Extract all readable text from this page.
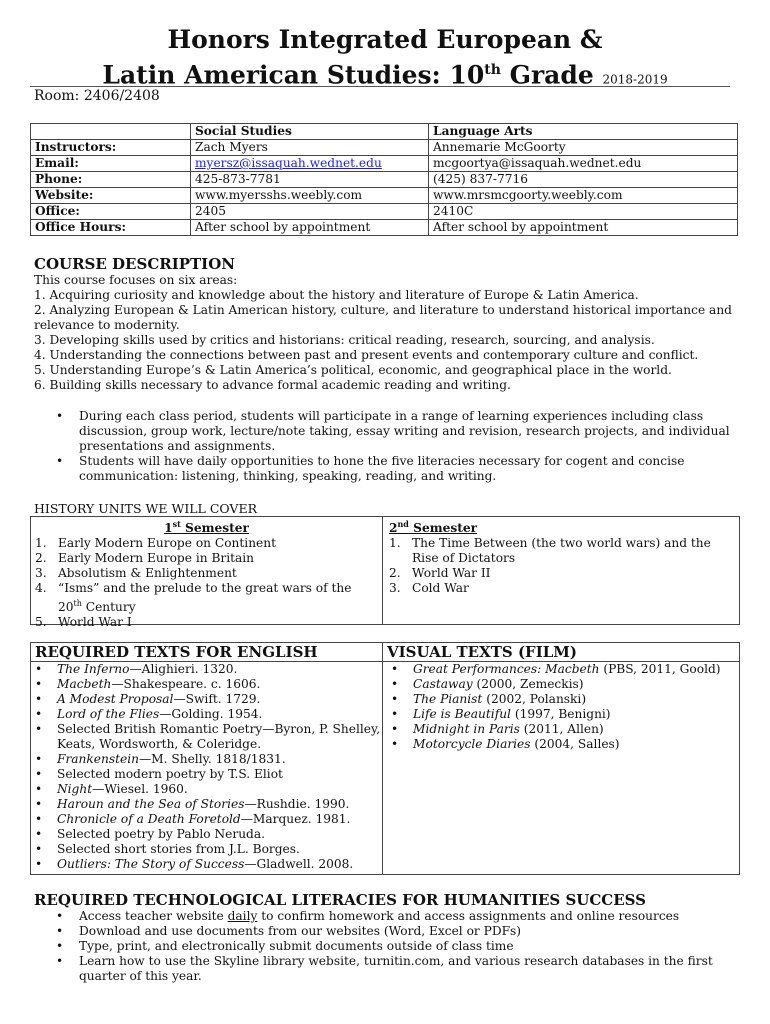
Honors Integrated European &
Latin American Studies: 10th Grade 2018-2019
Room: 2406/2408
	Social Studies	Language Arts
Instructors:	Zach Myers	Annemarie McGoorty
Email:	myersz@issaquah.wednet.edu	mcgoortya@issaquah.wednet.edu
Phone:	425-873-7781	(425) 837-7716
Website:	www.myersshs.weebly.com	www.mrsmcgoorty.weebly.com
Office:	2405	2410C
Office Hours:	After school by appointment	After school by appointment
COURSE DESCRIPTION
This course focuses on six areas:
1. Acquiring curiosity and knowledge about the history and literature of Europe & Latin America.
2. Analyzing European & Latin American history, culture, and literature to understand historical importance and relevance to modernity.
3. Developing skills used by critics and historians: critical reading, research, sourcing, and analysis.
4. Understanding the connections between past and present events and contemporary culture and conflict.
5. Understanding Europe’s & Latin America’s political, economic, and geographical place in the world.
6. Building skills necessary to advance formal academic reading and writing.
• During each class period, students will participate in a range of learning experiences including class discussion, group work, lecture/note taking, essay writing and revision, research projects, and individual presentations and assignments.
• Students will have daily opportunities to hone the five literacies necessary for cogent and concise communication: listening, thinking, speaking, reading, and writing.
HISTORY UNITS WE WILL COVER
1st Semester
1. Early Modern Europe on Continent
2. Early Modern Europe in Britain
3. Absolutism & Enlightenment
4. “Isms” and the prelude to the great wars of the
20th Century
5. World War I
2nd Semester
1. The Time Between (the two world wars) and the Rise of Dictators
2. World War II
3. Cold War
REQUIRED TEXTS FOR ENGLISH
• The Inferno—Alighieri. 1320.
• Macbeth—Shakespeare. c. 1606.
• A Modest Proposal—Swift. 1729.
• Lord of the Flies—Golding. 1954.
• Selected British Romantic Poetry—Byron, P. Shelley, Keats, Wordsworth, & Coleridge.
• Frankenstein—M. Shelly. 1818/1831.
• Selected modern poetry by T.S. Eliot
• Night—Wiesel. 1960.
• Haroun and the Sea of Stories—Rushdie. 1990.
• Chronicle of a Death Foretold—Marquez. 1981.
• Selected poetry by Pablo Neruda.
• Selected short stories from J.L. Borges.
• Outliers: The Story of Success—Gladwell. 2008.
VISUAL TEXTS (FILM)
• Great Performances: Macbeth (PBS, 2011, Goold)
• Castaway (2000, Zemeckis)
• The Pianist (2002, Polanski)
• Life is Beautiful (1997, Benigni)
• Midnight in Paris (2011, Allen)
• Motorcycle Diaries (2004, Salles)
REQUIRED TECHNOLOGICAL LITERACIES FOR HUMANITIES SUCCESS
• Access teacher website daily to confirm homework and access assignments and online resources
• Download and use documents from our websites (Word, Excel or PDFs)
• Type, print, and electronically submit documents outside of class time
• Learn how to use the Skyline library website, turnitin.com, and various research databases in the first quarter of this year.
